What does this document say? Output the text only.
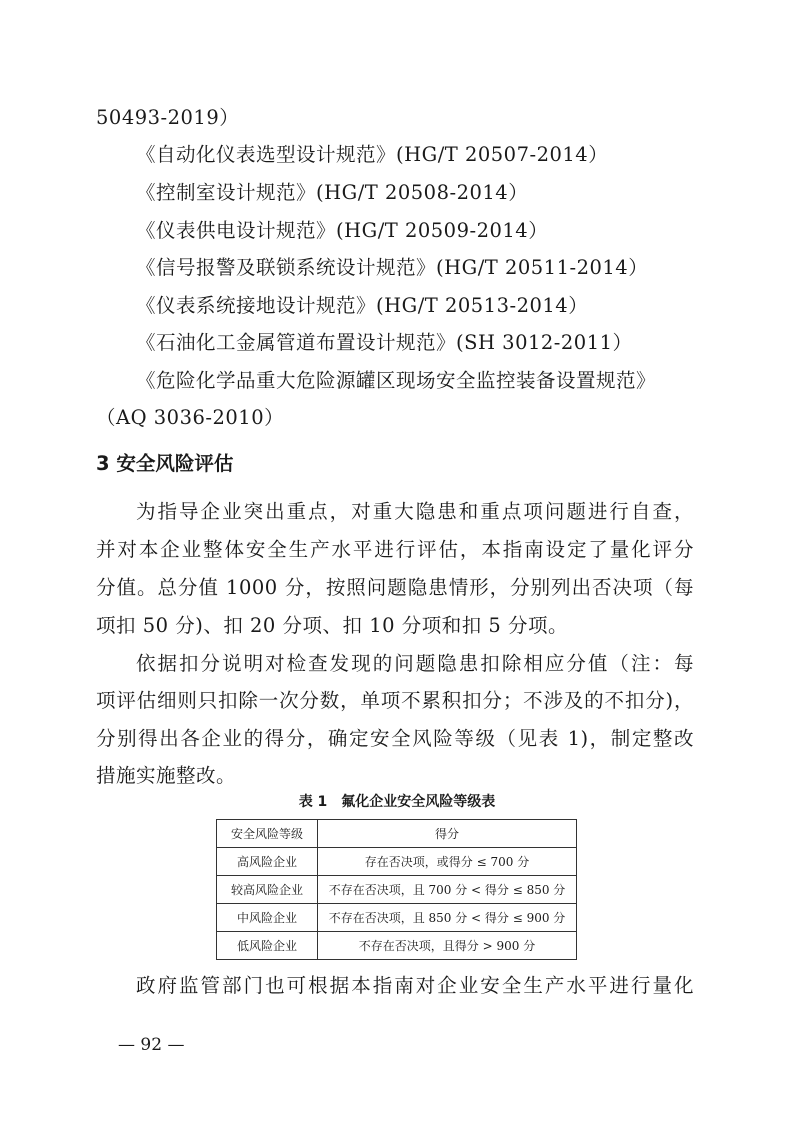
50493-2019）
《自动化仪表选型设计规范》(HG/T 20507-2014）
《控制室设计规范》(HG/T 20508-2014）
《仪表供电设计规范》(HG/T 20509-2014）
《信号报警及联锁系统设计规范》(HG/T 20511-2014）
《仪表系统接地设计规范》(HG/T 20513-2014）
《石油化工金属管道布置设计规范》(SH 3012-2011）
《危险化学品重大危险源罐区现场安全监控装备设置规范》
（AQ 3036-2010）
3 安全风险评估
为指导企业突出重点，对重大隐患和重点项问题进行自查，
并对本企业整体安全生产水平进行评估，本指南设定了量化评分
分值。总分值 1000 分，按照问题隐患情形，分别列出否决项（每
项扣 50 分)、扣 20 分项、扣 10 分项和扣 5 分项。
依据扣分说明对检查发现的问题隐患扣除相应分值（注：每
项评估细则只扣除一次分数，单项不累积扣分；不涉及的不扣分)，
分别得出各企业的得分，确定安全风险等级（见表 1)，制定整改
措施实施整改。
表 1　氟化企业安全风险等级表
安全风险等级	得分
高风险企业	存在否决项，或得分 ≤ 700 分
较高风险企业	不存在否决项，且 700 分 < 得分 ≤ 850 分
中风险企业	不存在否决项，且 850 分 < 得分 ≤ 900 分
低风险企业	不存在否决项，且得分 > 900 分
政府监管部门也可根据本指南对企业安全生产水平进行量化
— 92 —
